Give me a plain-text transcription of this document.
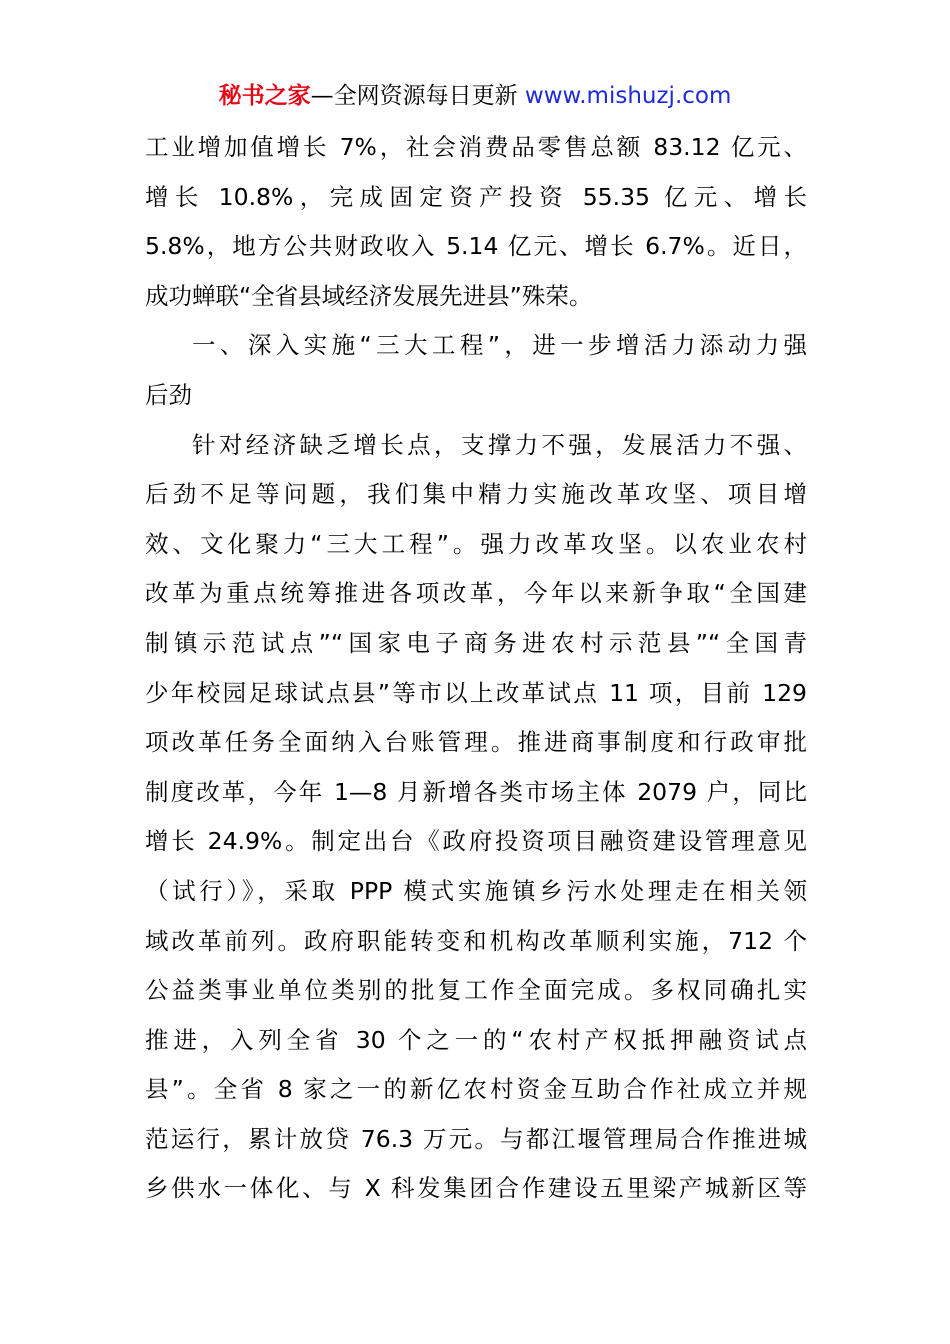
秘书之家—全网资源每日更新 www.mishuzj.com
工业增加值增长 7%，社会消费品零售总额 83.12 亿元、
增长 10.8%，完成固定资产投资 55.35 亿元、增长
5.8%，地方公共财政收入 5.14 亿元、增长 6.7%。近日，
成功蝉联“全省县域经济发展先进县”殊荣。
一、深入实施“三大工程”，进一步增活力添动力强
后劲
针对经济缺乏增长点，支撑力不强，发展活力不强、
后劲不足等问题，我们集中精力实施改革攻坚、项目增
效、文化聚力“三大工程”。强力改革攻坚。以农业农村
改革为重点统筹推进各项改革，今年以来新争取“全国建
制镇示范试点”“国家电子商务进农村示范县”“全国青
少年校园足球试点县”等市以上改革试点 11 项，目前 129
项改革任务全面纳入台账管理。推进商事制度和行政审批
制度改革，今年 1—8 月新增各类市场主体 2079 户，同比
增长 24.9%。制定出台《政府投资项目融资建设管理意见
（试行）》，采取 PPP 模式实施镇乡污水处理走在相关领
域改革前列。政府职能转变和机构改革顺利实施，712 个
公益类事业单位类别的批复工作全面完成。多权同确扎实
推进，入列全省 30 个之一的“农村产权抵押融资试点
县”。全省 8 家之一的新亿农村资金互助合作社成立并规
范运行，累计放贷 76.3 万元。与都江堰管理局合作推进城
乡供水一体化、与 X 科发集团合作建设五里梁产城新区等
